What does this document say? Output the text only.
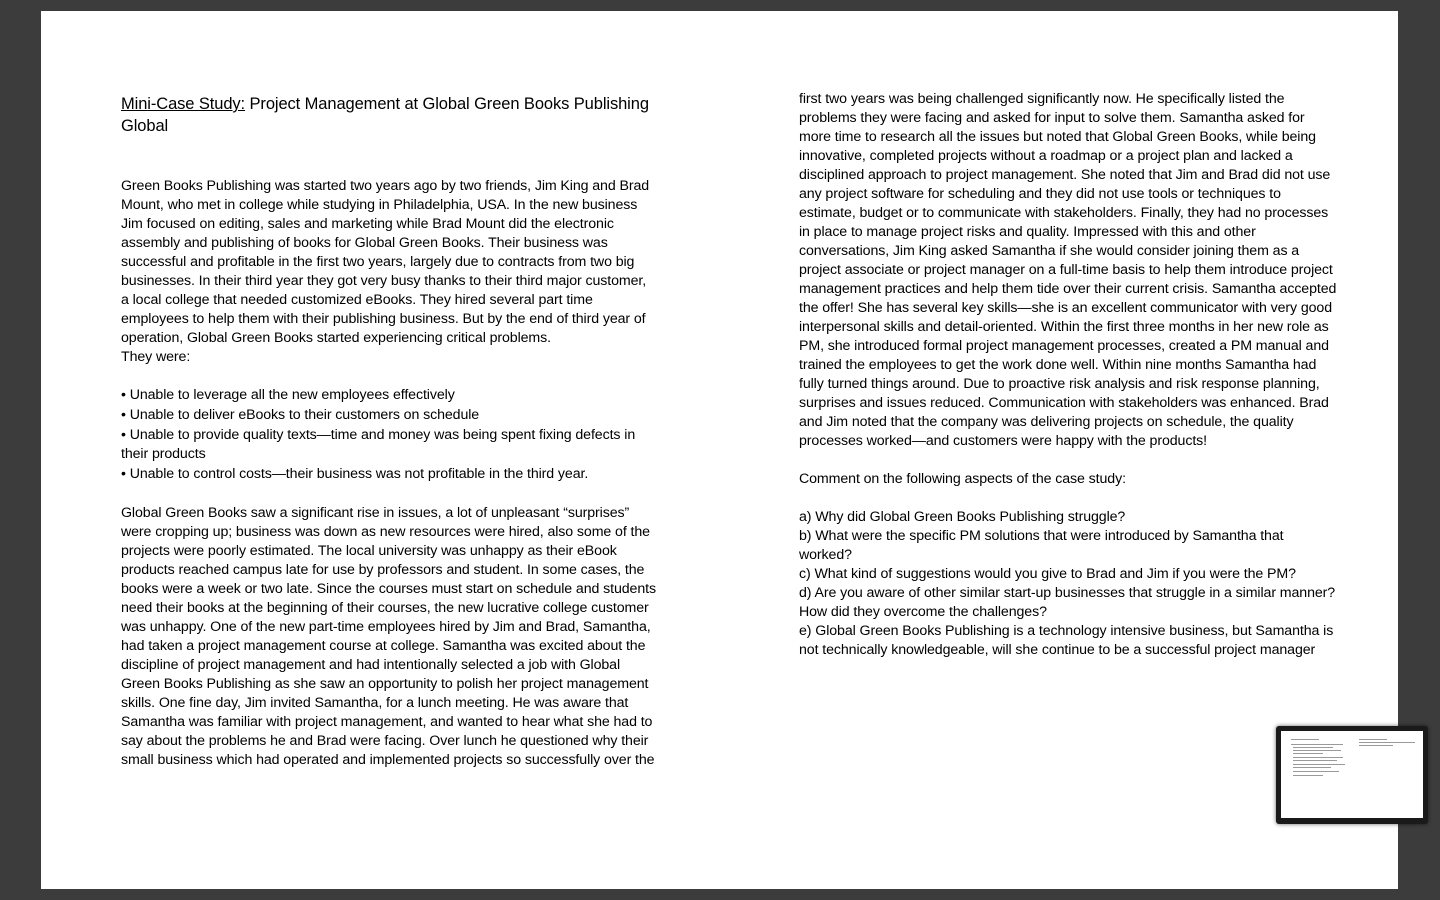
Mini-Case Study: Project Management at Global Green Books Publishing Global

Green Books Publishing was started two years ago by two friends, Jim King and Brad Mount, who met in college while studying in Philadelphia, USA. In the new business Jim focused on editing, sales and marketing while Brad Mount did the electronic assembly and publishing of books for Global Green Books. Their business was successful and profitable in the first two years, largely due to contracts from two big businesses. In their third year they got very busy thanks to their third major customer, a local college that needed customized eBooks. They hired several part time employees to help them with their publishing business. But by the end of third year of operation, Global Green Books started experiencing critical problems.

They were:

• Unable to leverage all the new employees effectively
• Unable to deliver eBooks to their customers on schedule
• Unable to provide quality texts—time and money was being spent fixing defects in their products
• Unable to control costs—their business was not profitable in the third year.

Global Green Books saw a significant rise in issues, a lot of unpleasant “surprises” were cropping up; business was down as new resources were hired, also some of the projects were poorly estimated. The local university was unhappy as their eBook products reached campus late for use by professors and student. In some cases, the books were a week or two late. Since the courses must start on schedule and students need their books at the beginning of their courses, the new lucrative college customer was unhappy. One of the new part-time employees hired by Jim and Brad, Samantha, had taken a project management course at college. Samantha was excited about the discipline of project management and had intentionally selected a job with Global Green Books Publishing as she saw an opportunity to polish her project management skills. One fine day, Jim invited Samantha, for a lunch meeting. He was aware that Samantha was familiar with project management, and wanted to hear what she had to say about the problems he and Brad were facing. Over lunch he questioned why their small business which had operated and implemented projects so successfully over the

first two years was being challenged significantly now. He specifically listed the problems they were facing and asked for input to solve them. Samantha asked for more time to research all the issues but noted that Global Green Books, while being innovative, completed projects without a roadmap or a project plan and lacked a disciplined approach to project management. She noted that Jim and Brad did not use any project software for scheduling and they did not use tools or techniques to estimate, budget or to communicate with stakeholders. Finally, they had no processes in place to manage project risks and quality. Impressed with this and other conversations, Jim King asked Samantha if she would consider joining them as a project associate or project manager on a full-time basis to help them introduce project management practices and help them tide over their current crisis. Samantha accepted the offer! She has several key skills—she is an excellent communicator with very good interpersonal skills and detail-oriented. Within the first three months in her new role as PM, she introduced formal project management processes, created a PM manual and trained the employees to get the work done well. Within nine months Samantha had fully turned things around. Due to proactive risk analysis and risk response planning, surprises and issues reduced. Communication with stakeholders was enhanced. Brad and Jim noted that the company was delivering projects on schedule, the quality processes worked—and customers were happy with the products!

Comment on the following aspects of the case study:

a) Why did Global Green Books Publishing struggle?

b) What were the specific PM solutions that were introduced by Samantha that worked?

c) What kind of suggestions would you give to Brad and Jim if you were the PM?

d) Are you aware of other similar start-up businesses that struggle in a similar manner? How did they overcome the challenges?

e) Global Green Books Publishing is a technology intensive business, but Samantha is not technically knowledgeable, will she continue to be a successful project manager
